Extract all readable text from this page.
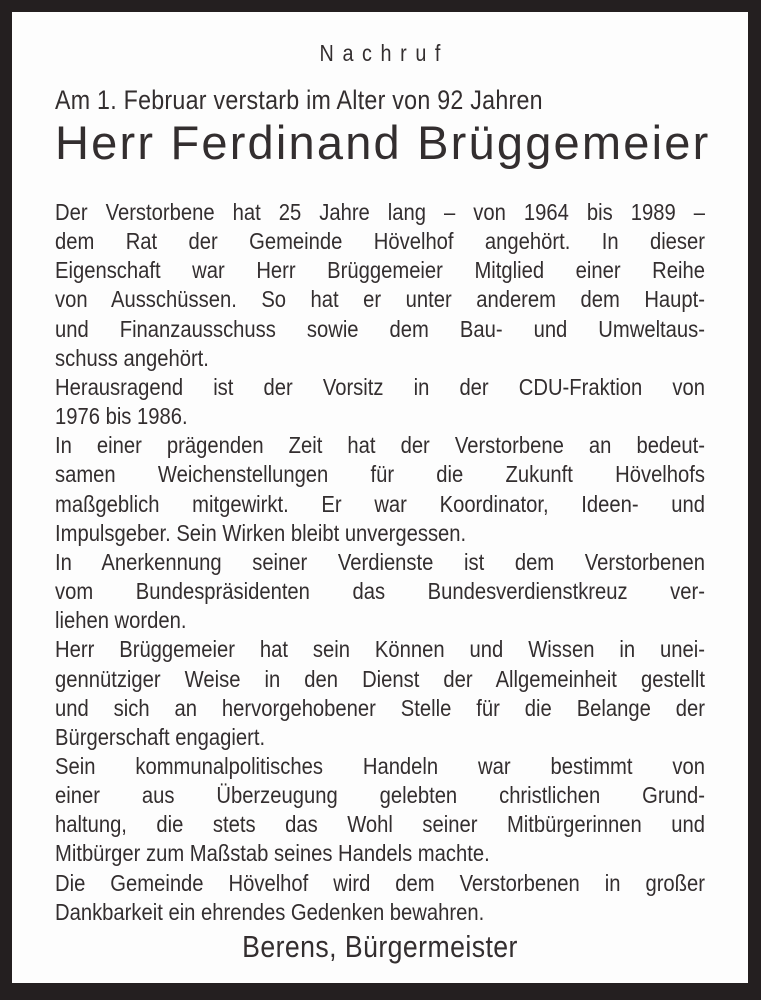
Nachruf
Am 1. Februar verstarb im Alter von 92 Jahren
Herr Ferdinand Brüggemeier
Der Verstorbene hat 25 Jahre lang – von 1964 bis 1989 –
dem Rat der Gemeinde Hövelhof angehört. In dieser
Eigenschaft war Herr Brüggemeier Mitglied einer Reihe
von Ausschüssen. So hat er unter anderem dem Haupt-
und Finanzausschuss sowie dem Bau- und Umweltaus-
schuss angehört.
Herausragend ist der Vorsitz in der CDU-Fraktion von
1976 bis 1986.
In einer prägenden Zeit hat der Verstorbene an bedeut-
samen Weichenstellungen für die Zukunft Hövelhofs
maßgeblich mitgewirkt. Er war Koordinator, Ideen- und
Impulsgeber. Sein Wirken bleibt unvergessen.
In Anerkennung seiner Verdienste ist dem Verstorbenen
vom Bundespräsidenten das Bundesverdienstkreuz ver-
liehen worden.
Herr Brüggemeier hat sein Können und Wissen in unei-
gennütziger Weise in den Dienst der Allgemeinheit gestellt
und sich an hervorgehobener Stelle für die Belange der
Bürgerschaft engagiert.
Sein kommunalpolitisches Handeln war bestimmt von
einer aus Überzeugung gelebten christlichen Grund-
haltung, die stets das Wohl seiner Mitbürgerinnen und
Mitbürger zum Maßstab seines Handels machte.
Die Gemeinde Hövelhof wird dem Verstorbenen in großer
Dankbarkeit ein ehrendes Gedenken bewahren.
Berens, Bürgermeister
